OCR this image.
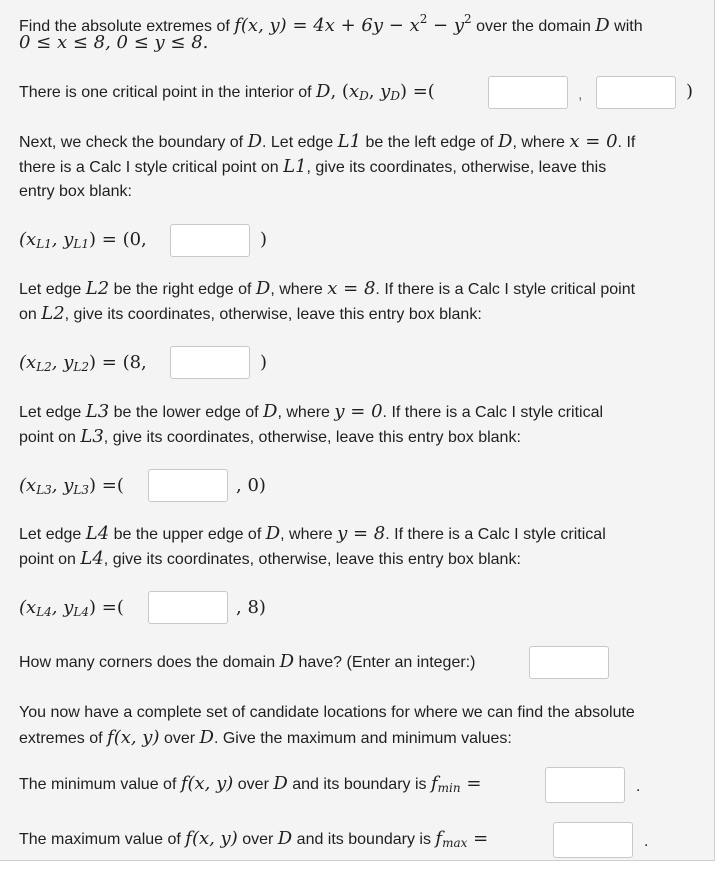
Find the absolute extremes of f(x, $y) = 4x + 6y - x^2 - y^2$ over the domain D with
0 ≤ x ≤ 8, 0 ≤ y ≤ 8.
There is one critical point in the interior of D, ($x_D$, $y_D$) =(	,	)
Next, we check the boundary of D. Let edge L1 be the left edge of D, where x = 0. If
there is a Calc I style critical point on L1, give its coordinates, otherwise, leave this
entry box blank:
($x_{L1}$, $y_{L1}) = (0$,	)
Let edge L2 be the right edge of D, where x = 8. If there is a Calc I style critical point
on L2, give its coordinates, otherwise, leave this entry box blank:
($x_{L2}$, $y_{L2}) = (8$,	)
Let edge L3 be the lower edge of D, where y = 0. If there is a Calc I style critical
point on L3, give its coordinates, otherwise, leave this entry box blank:
($x_{L3}$, $y_{L3}$) =(	, 0)
Let edge L4 be the upper edge of D, where y = 8. If there is a Calc I style critical
point on L4, give its coordinates, otherwise, leave this entry box blank:
($x_{L4}$, $y_{L4}$) =(	, 8)
How many corners does the domain D have? (Enter an integer:)
You now have a complete set of candidate locations for where we can find the absolute
extremes of f(x, y) over D. Give the maximum and minimum values:
The minimum value of f(x, y) over D and its boundary is $f_{min}$ =	.
The maximum value of f(x, y) over D and its boundary is $f_{max}$ =	.
